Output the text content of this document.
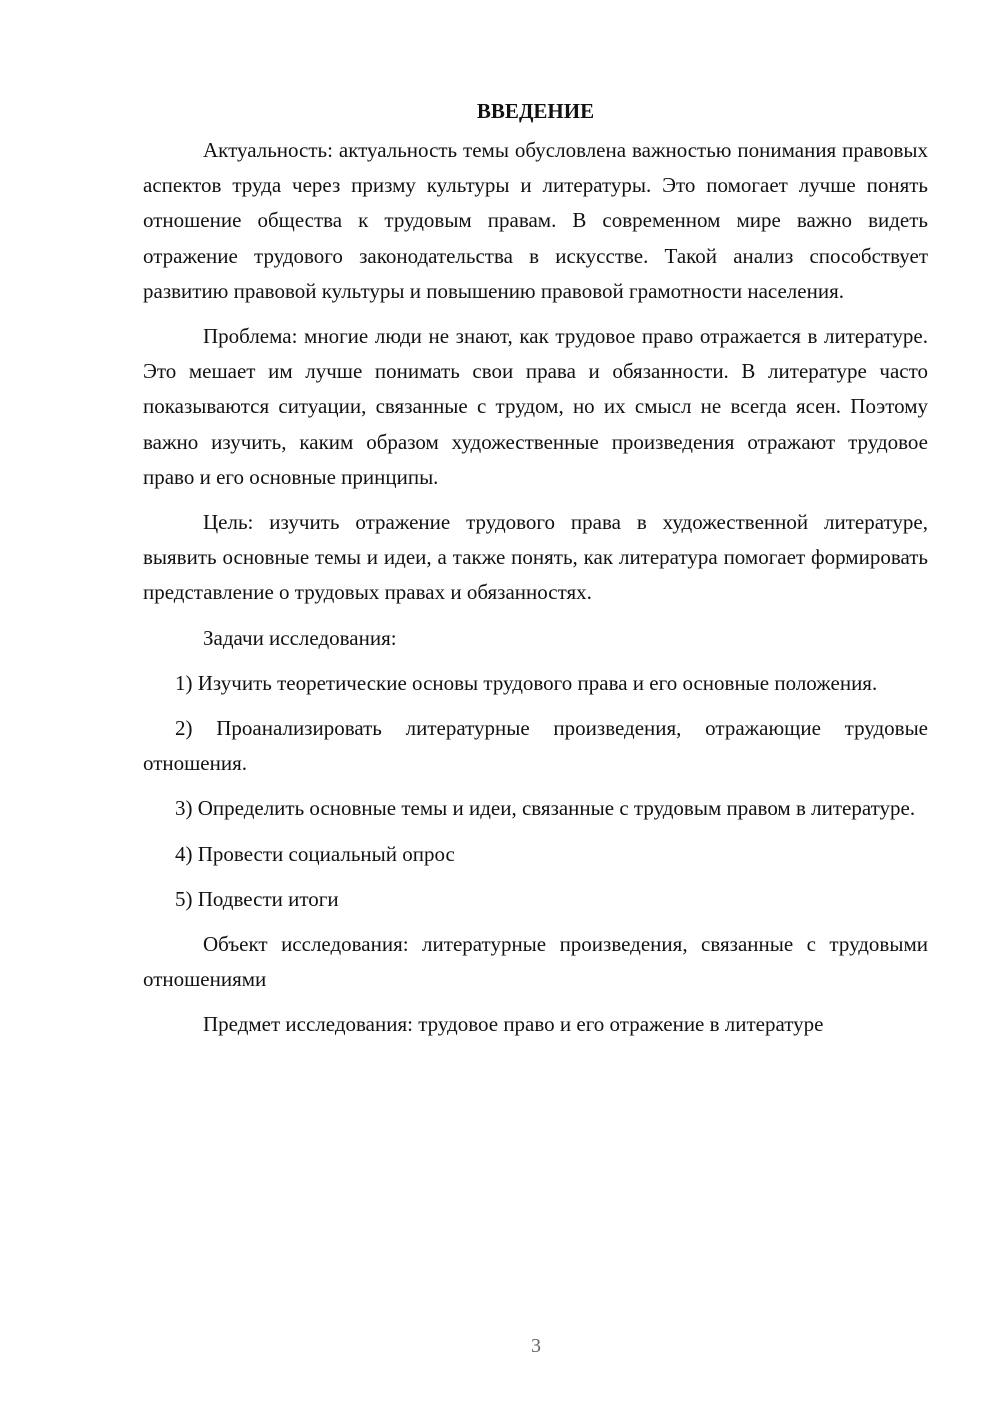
ВВЕДЕНИЕ

Актуальность: актуальность темы обусловлена важностью понимания правовых аспектов труда через призму культуры и литературы. Это помогает лучше понять отношение общества к трудовым правам. В современном мире важно видеть отражение трудового законодательства в искусстве. Такой анализ способствует развитию правовой культуры и повышению правовой грамотности населения.

Проблема: многие люди не знают, как трудовое право отражается в литературе. Это мешает им лучше понимать свои права и обязанности. В литературе часто показываются ситуации, связанные с трудом, но их смысл не всегда ясен. Поэтому важно изучить, каким образом художественные произведения отражают трудовое право и его основные принципы.

Цель: изучить отражение трудового права в художественной литературе, выявить основные темы и идеи, а также понять, как литература помогает формировать представление о трудовых правах и обязанностях.

Задачи исследования:

1) Изучить теоретические основы трудового права и его основные положения.

2) Проанализировать литературные произведения, отражающие трудовые отношения.

3) Определить основные темы и идеи, связанные с трудовым правом в литературе.

4) Провести социальный опрос

5) Подвести итоги

Объект исследования: литературные произведения, связанные с трудовыми отношениями

Предмет исследования: трудовое право и его отражение в литературе

3
